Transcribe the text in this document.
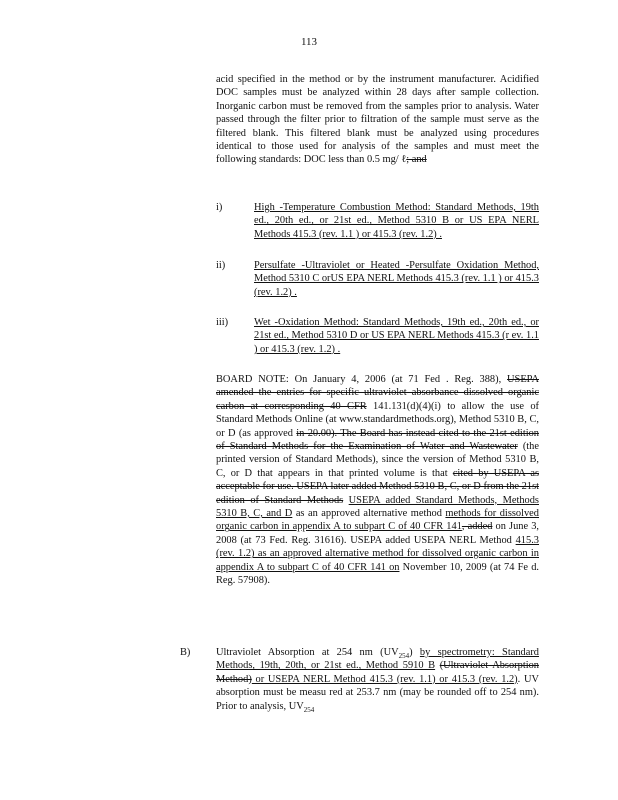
113
acid specified in the method or by the instrument manufacturer. Acidified DOC samples must be analyzed within 28 days after sample collection. Inorganic carbon must be removed from the samples prior to analysis. Water passed through the filter prior to filtration of the sample must serve as the filtered blank. This filtered blank must be analyzed using procedures identical to those used for analysis of the samples and must meet the following standards: DOC less than 0.5 mg/ ℓ; and
i)	High -Temperature Combustion Method: Standard Methods, 19th ed., 20th ed., or 21st ed., Method 5310 B or US EPA NERL Methods 415.3 (rev. 1.1 ) or 415.3 (rev. 1.2) .
ii)	Persulfate -Ultraviolet or Heated -Persulfate Oxidation Method, Method 5310 C orUS EPA NERL Methods 415.3 (rev. 1.1 ) or 415.3 (rev. 1.2) .
iii)	Wet -Oxidation Method: Standard Methods, 19th ed., 20th ed., or 21st ed., Method 5310 D or US EPA NERL Methods 415.3 (r ev. 1.1 ) or 415.3 (rev. 1.2) .
BOARD NOTE: On January 4, 2006 (at 71 Fed . Reg. 388), USEPA amended the entries for specific ultraviolet absorbance dissolved organic carbon at corresponding 40 CFR 141.131(d)(4)(i) to allow the use of Standard Methods Online (at www.standardmethods.org), Method 5310 B, C, or D (as approved in 20.00). The Board has instead cited to the 21st edition of Standard Methods for the Examination of Water and Wastewater (the printed version of Standard Methods), since the version of Method 5310 B, C, or D that appears in that printed volume is that cited by USEPA as acceptable for use. USEPA later added Method 5310 B, C, or D from the 21st edition of Standard Methods USEPA added Standard Methods, Methods 5310 B, C, and D as an approved alternative method methods for dissolved organic carbon in appendix A to subpart C of 40 CFR 141, added on June 3, 2008 (at 73 Fed. Reg. 31616). USEPA added USEPA NERL Method 415.3 (rev. 1.2) as an approved alternative method for dissolved organic carbon in appendix A to subpart C of 40 CFR 141 on November 10, 2009 (at 74 Fe d. Reg. 57908).
B) Ultraviolet Absorption at 254 nm $(UV_{254})$ by spectrometry: Standard Methods, 19th, 20th, or 21st ed., Method 5910 B (Ultraviolet Absorption Method) or USEPA NERL Method 415.3 (rev. 1.1) or 415.3 (rev. 1.2). UV absorption must be measu red at 253.7 nm (may be rounded off to 254 nm). Prior to analysis, $UV_{254}$
